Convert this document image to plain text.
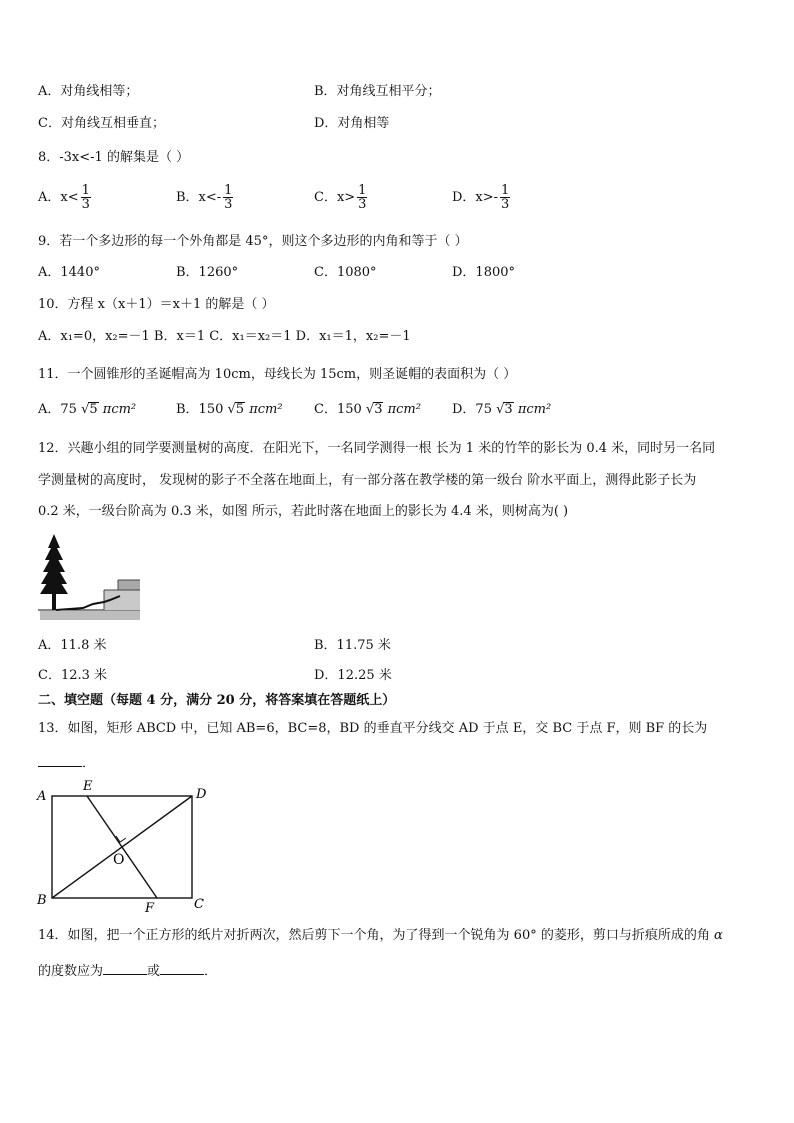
A．对角线相等；	B．对角线互相平分；
C．对角线互相垂直；	D．对角相等
8．-3x<-1 的解集是（ ）
A．$x< \frac{1}{3}$	B．$x<- \frac{1}{3}$	C．$x> \frac{1}{3}$	D．$x>- \frac{1}{3}$
9．若一个多边形的每一个外角都是 45°，则这个多边形的内角和等于（ ）
A．1440°	B．1260°	C．1080°	D．1800°
10．方程 x（x＋1）＝x＋1 的解是（ ）
A．x₁=0，x₂=－1 B．x＝1 C．x₁＝x₂＝1 D．x₁＝1，x₂=－1
11．一个圆锥形的圣诞帽高为 10cm，母线长为 15cm，则圣诞帽的表面积为（ ）
A．75 √5 πcm²	B．150 √5 πcm² C．150 √3 πcm² D．75 √3 πcm²
12．兴趣小组的同学要测量树的高度．在阳光下，一名同学测得一根 长为 1 米的竹竿的影长为 0.4 米，同时另一名同
学测量树的高度时， 发现树的影子不全落在地面上，有一部分落在教学楼的第一级台 阶水平面上，测得此影子长为
0.2 米，一级台阶高为 0.3 米，如图 所示，若此时落在地面上的影长为 4.4 米，则树高为( )
A．11.8 米	B．11.75 米
C．12.3 米	D．12.25 米
二、填空题（每题 4 分，满分 20 分，将答案填在答题纸上）
13．如图，矩形 ABCD 中，已知 AB=6，BC=8，BD 的垂直平分线交 AD 于点 E，交 BC 于点 F，则 BF 的长为
．
A	D
B	C
E
F
O
14．如图，把一个正方形的纸片对折两次，然后剪下一个角，为了得到一个锐角为 60° 的菱形，剪口与折痕所成的角 α
的度数应为	或	．
